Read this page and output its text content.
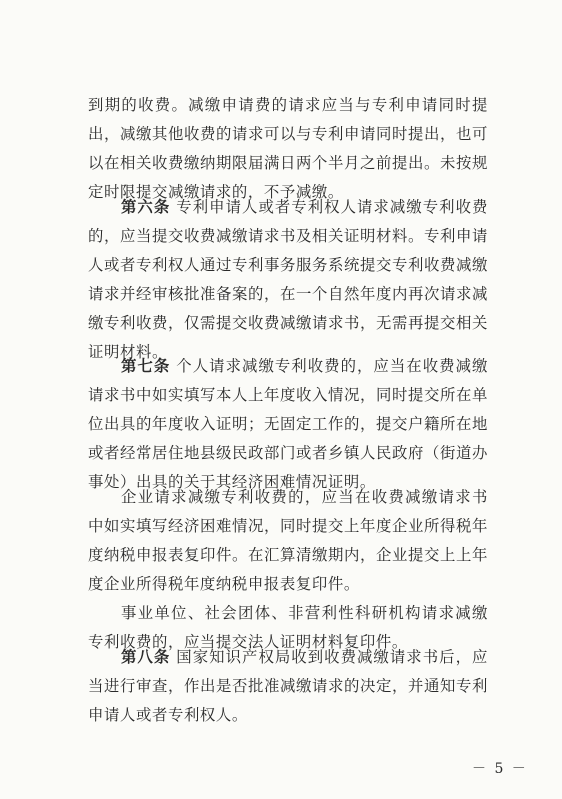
到期的收费。减缴申请费的请求应当与专利申请同时提出，减缴其他收费的请求可以与专利申请同时提出，也可以在相关收费缴纳期限届满日两个半月之前提出。未按规定时限提交减缴请求的，不予减缴。

第六条 专利申请人或者专利权人请求减缴专利收费的，应当提交收费减缴请求书及相关证明材料。专利申请人或者专利权人通过专利事务服务系统提交专利收费减缴请求并经审核批准备案的，在一个自然年度内再次请求减缴专利收费，仅需提交收费减缴请求书，无需再提交相关证明材料。

第七条 个人请求减缴专利收费的，应当在收费减缴请求书中如实填写本人上年度收入情况，同时提交所在单位出具的年度收入证明；无固定工作的，提交户籍所在地或者经常居住地县级民政部门或者乡镇人民政府（街道办事处）出具的关于其经济困难情况证明。

企业请求减缴专利收费的，应当在收费减缴请求书中如实填写经济困难情况，同时提交上年度企业所得税年度纳税申报表复印件。在汇算清缴期内，企业提交上上年度企业所得税年度纳税申报表复印件。

事业单位、社会团体、非营利性科研机构请求减缴专利收费的，应当提交法人证明材料复印件。

第八条 国家知识产权局收到收费减缴请求书后，应当进行审查，作出是否批准减缴请求的决定，并通知专利申请人或者专利权人。

－ 5 －
